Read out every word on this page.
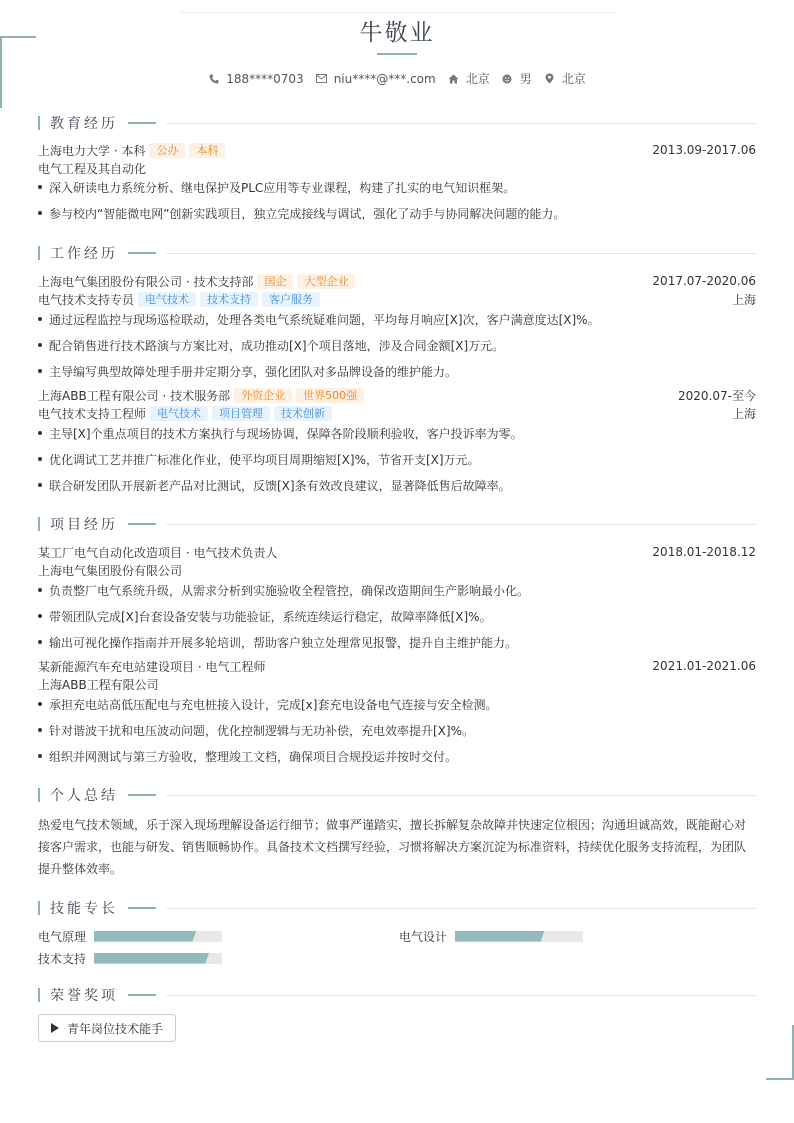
牛敬业
188****0703	niu****@***.com	北京	男	北京
教育经历
上海电力大学 · 本科	公办	本科	2013.09-2017.06
电气工程及其自动化
深入研读电力系统分析、继电保护及PLC应用等专业课程，构建了扎实的电气知识框架。
参与校内“智能微电网”创新实践项目，独立完成接线与调试，强化了动手与协同解决问题的能力。
工作经历
上海电气集团股份有限公司 · 技术支持部	国企	大型企业	2017.07-2020.06
电气技术支持专员	电气技术	技术支持	客户服务	上海
通过远程监控与现场巡检联动，处理各类电气系统疑难问题，平均每月响应[X]次，客户满意度达[X]%。
配合销售进行技术路演与方案比对，成功推动[X]个项目落地，涉及合同金额[X]万元。
主导编写典型故障处理手册并定期分享，强化团队对多品牌设备的维护能力。
上海ABB工程有限公司 · 技术服务部	外资企业	世界500强	2020.07-至今
电气技术支持工程师	电气技术	项目管理	技术创新	上海
主导[X]个重点项目的技术方案执行与现场协调，保障各阶段顺利验收，客户投诉率为零。
优化调试工艺并推广标准化作业，使平均项目周期缩短[X]%，节省开支[X]万元。
联合研发团队开展新老产品对比测试，反馈[X]条有效改良建议，显著降低售后故障率。
项目经历
某工厂电气自动化改造项目 · 电气技术负责人	2018.01-2018.12
上海电气集团股份有限公司
负责整厂电气系统升级，从需求分析到实施验收全程管控，确保改造期间生产影响最小化。
带领团队完成[X]台套设备安装与功能验证，系统连续运行稳定，故障率降低[X]%。
输出可视化操作指南并开展多轮培训，帮助客户独立处理常见报警，提升自主维护能力。
某新能源汽车充电站建设项目 · 电气工程师	2021.01-2021.06
上海ABB工程有限公司
承担充电站高低压配电与充电桩接入设计，完成[x]套充电设备电气连接与安全检测。
针对谐波干扰和电压波动问题，优化控制逻辑与无功补偿，充电效率提升[X]%。
组织并网测试与第三方验收，整理竣工文档，确保项目合规投运并按时交付。
个人总结
热爱电气技术领域，乐于深入现场理解设备运行细节；做事严谨踏实，擅长拆解复杂故障并快速定位根因；沟通坦诚高效，既能耐心对接客户需求，也能与研发、销售顺畅协作。具备技术文档撰写经验，习惯将解决方案沉淀为标准资料，持续优化服务支持流程，为团队提升整体效率。
技能专长
电气原理	电气设计
技术支持
荣誉奖项
青年岗位技术能手
